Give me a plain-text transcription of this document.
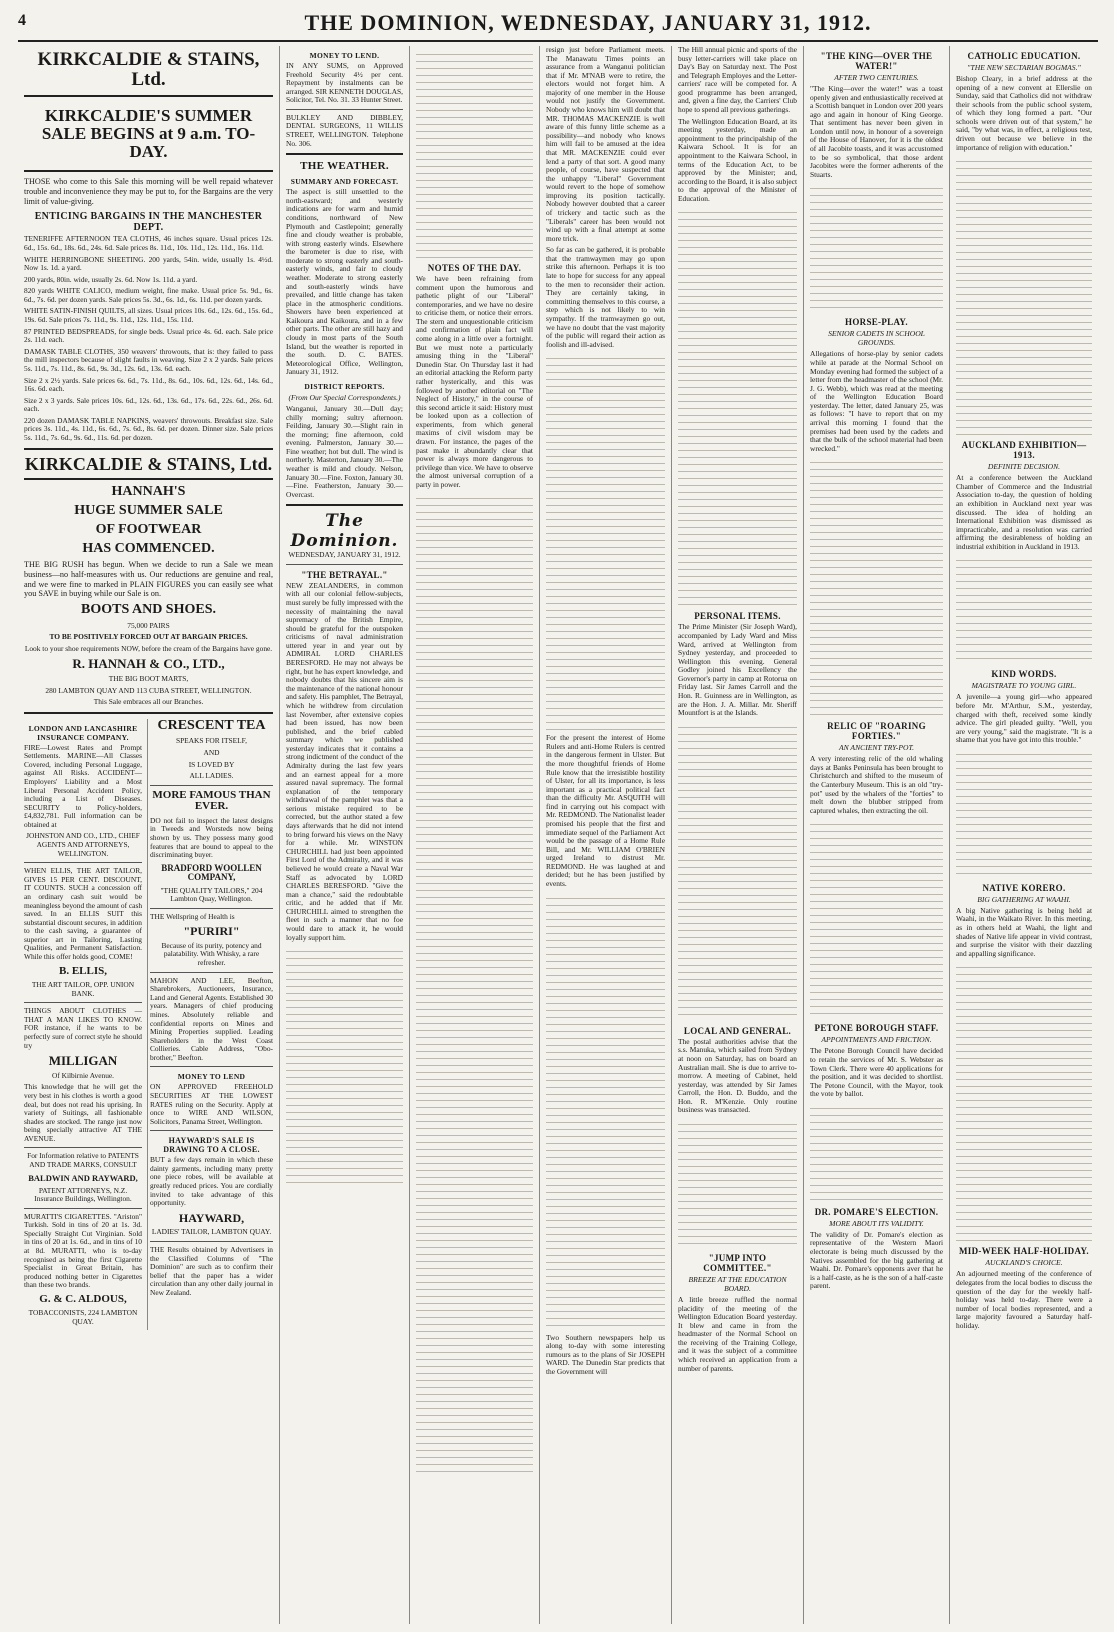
4	THE DOMINION, WEDNESDAY, JANUARY 31, 1912.
KIRKCALDIE & STAINS, Ltd.
KIRKCALDIE'S SUMMER SALE BEGINS at 9 a.m. TO-DAY.

THOSE who come to this Sale this morning will be well repaid whatever trouble and inconvenience they may be put to, for the Bargains are the very limit of value-giving.

ENTICING BARGAINS IN THE MANCHESTER DEPT.

TENERIFFE AFTERNOON TEA CLOTHS, 46 inches square. Usual prices 12s. 6d., 15s. 6d., 18s. 6d., 24s. 6d. Sale prices 8s. 11d., 10s. 11d., 12s. 11d., 16s. 11d.

WHITE HERRINGBONE SHEETING. 200 yards, 54in. wide, usually 1s. 4½d. Now 1s. 1d. a yard.

200 yards, 80in. wide, usually 2s. 6d. Now 1s. 11d. a yard.

820 yards WHITE CALICO, medium weight, fine make. Usual price 5s. 9d., 6s. 6d., 7s. 6d. per dozen yards. Sale prices 5s. 3d., 6s. 1d., 6s. 11d. per dozen yards.

WHITE SATIN-FINISH QUILTS, all sizes. Usual prices 10s. 6d., 12s. 6d., 15s. 6d., 19s. 6d. Sale prices 7s. 11d., 9s. 11d., 12s. 11d., 15s. 11d.

87 PRINTED BEDSPREADS, for single beds. Usual price 4s. 6d. each. Sale price 2s. 11d. each.

DAMASK TABLE CLOTHS, 350 weavers' throwouts, that is: they failed to pass the mill inspectors because of slight faults in weaving. Size 2 x 2 yards. Sale prices 5s. 11d., 7s. 11d., 8s. 6d., 9s. 3d., 12s. 6d., 13s. 6d. each.

Size 2 x 2½ yards. Sale prices 6s. 6d., 7s. 11d., 8s. 6d., 10s. 6d., 12s. 6d., 14s. 6d., 16s. 6d. each.

Size 2 x 3 yards. Sale prices 10s. 6d., 12s. 6d., 13s. 6d., 17s. 6d., 22s. 6d., 26s. 6d. each.

220 dozen DAMASK TABLE NAPKINS, weavers' throwouts. Breakfast size. Sale prices 3s. 11d., 4s. 11d., 6s. 6d., 7s. 6d., 8s. 6d. per dozen. Dinner size. Sale prices 5s. 11d., 7s. 6d., 9s. 6d., 11s. 6d. per dozen.

KIRKCALDIE & STAINS, Ltd.
HANNAH'S
HUGE SUMMER SALE
OF FOOTWEAR
HAS COMMENCED.

THE BIG RUSH has begun. When we decide to run a Sale we mean business—no half-measures with us. Our reductions are genuine and real, and we were fine to marked in PLAIN FIGURES you can easily see what you SAVE in buying while our Sale is on.

BOOTS AND SHOES.
75,000 PAIRS
TO BE POSITIVELY FORCED OUT AT BARGAIN PRICES.

Look to your shoe requirements NOW, before the cream of the Bargains have gone.

R. HANNAH & CO., LTD.,
THE BIG BOOT MARTS,
280 LAMBTON QUAY AND 113 CUBA STREET, WELLINGTON.
This Sale embraces all our Branches.
LONDON AND LANCASHIRE INSURANCE COMPANY.

FIRE—Lowest Rates and Prompt Settlements. MARINE—All Classes Covered, including Personal Luggage, against All Risks. ACCIDENT—Employers' Liability and a Most Liberal Personal Accident Policy, including a List of Diseases. SECURITY to Policy-holders, £4,832,781. Full information can be obtained at

JOHNSTON AND CO., LTD., CHIEF AGENTS AND ATTORNEYS, WELLINGTON.

WHEN ELLIS, THE ART TAILOR, GIVES 15 PER CENT. DISCOUNT, IT COUNTS. SUCH a concession off an ordinary cash suit would be meaningless beyond the amount of cash saved. In an ELLIS SUIT this substantial discount secures, in addition to the cash saving, a guarantee of superior art in Tailoring, Lasting Qualities, and Permanent Satisfaction. While this offer holds good, COME!

B. ELLIS,
THE ART TAILOR, OPP. UNION BANK.

THINGS ABOUT CLOTHES — THAT A MAN LIKES TO KNOW. FOR instance, if he wants to be perfectly sure of correct style he should try

MILLIGAN
Of Kilbirnie Avenue.

This knowledge that he will get the very best in his clothes is worth a good deal, but does not read his uprising. In variety of Suitings, all fashionable shades are stocked. The range just now being specially attractive AT THE AVENUE.

For Information relative to PATENTS AND TRADE MARKS, CONSULT

BALDWIN AND RAYWARD,
PATENT ATTORNEYS, N.Z. Insurance Buildings, Wellington.

MURATTI'S CIGARETTES. "Ariston" Turkish. Sold in tins of 20 at 1s. 3d. Specially Straight Cut Virginian. Sold in tins of 20 at 1s. 6d., and in tins of 10 at 8d. MURATTI, who is to-day recognised as being the first Cigarette Specialist in Great Britain, has produced nothing better in Cigarettes than these two brands.

G. & C. ALDOUS,
TOBACCONISTS, 224 LAMBTON QUAY.
CRESCENT TEA
SPEAKS FOR ITSELF,
AND
IS LOVED BY
ALL LADIES.
MORE FAMOUS THAN EVER.

DO not fail to inspect the latest designs in Tweeds and Worsteds now being shown by us. They possess many good features that are bound to appeal to the discriminating buyer.

BRADFORD WOOLLEN COMPANY,
"THE QUALITY TAILORS," 204 Lambton Quay, Wellington.

THE Wellspring of Health is

"PURIRI"

Because of its purity, potency and palatability. With Whisky, a rare refresher.

MAHON AND LEE, Beefton, Sharebrokers, Auctioneers, Insurance, Land and General Agents. Established 30 years. Managers of chief producing mines. Absolutely reliable and confidential reports on Mines and Mining Properties supplied. Leading Shareholders in the West Coast Collieries. Cable Address, "Obo-brother," Beefton.

MONEY TO LEND

ON APPROVED FREEHOLD SECURITIES AT THE LOWEST RATES ruling on the Security. Apply at once to WIRE AND WILSON, Solicitors, Panama Street, Wellington.

HAYWARD'S SALE IS DRAWING TO A CLOSE.

BUT a few days remain in which these dainty garments, including many pretty one piece robes, will be available at greatly reduced prices. You are cordially invited to take advantage of this opportunity.

HAYWARD,
LADIES' TAILOR, LAMBTON QUAY.

THE Results obtained by Advertisers in the Classified Columns of "The Dominion" are such as to confirm their belief that the paper has a wider circulation than any other daily journal in New Zealand.

MONEY TO LEND.

IN ANY SUMS, on Approved Freehold Security 4½ per cent. Repayment by instalments can be arranged. SIR KENNETH DOUGLAS, Solicitor, Tel. No. 31. 33 Hunter Street.

BULKLEY AND DIBBLEY, DENTAL SURGEONS, 11 WILLIS STREET, WELLINGTON. Telephone No. 306.

THE WEATHER.
SUMMARY AND FORECAST.

The aspect is still unsettled to the north-eastward; and westerly indications are for warm and humid conditions, northward of New Plymouth and Castlepoint; generally fine and cloudy weather is probable, with strong easterly winds. Elsewhere the barometer is due to rise, with moderate to strong easterly and south-easterly winds, and fair to cloudy weather. Moderate to strong easterly and south-easterly winds have prevailed, and little change has taken place in the atmospheric conditions. Showers have been experienced at Kaikoura and Kaikoura, and in a few other parts. The other are still hazy and cloudy in most parts of the South Island, but the weather is reported in the south. D. C. BATES. Meteorological Office, Wellington, January 31, 1912.

DISTRICT REPORTS.
(From Our Special Correspondents.)

Wanganui, January 30.—Dull day; chilly morning; sultry afternoon. Feilding, January 30.—Slight rain in the morning; fine afternoon, cold evening. Palmerston, January 30.—Fine weather; hot but dull. The wind is northerly. Masterton, January 30.—The weather is mild and cloudy. Nelson, January 30.—Fine. Foxton, January 30.—Fine. Featherston, January 30.—Overcast.

The Dominion.
WEDNESDAY, JANUARY 31, 1912.
"THE BETRAYAL."

NEW ZEALANDERS, in common with all our colonial fellow-subjects, must surely be fully impressed with the necessity of maintaining the naval supremacy of the British Empire, should be grateful for the outspoken criticisms of naval administration uttered year in and year out by ADMIRAL LORD CHARLES BERESFORD. He may not always be right, but he has expert knowledge, and nobody doubts that his sincere aim is the maintenance of the national honour and safety. His pamphlet, The Betrayal, which he withdrew from circulation last November, after extensive copies had been issued, has now been published, and the brief cabled summary which we published yesterday indicates that it contains a strong indictment of the conduct of the Admiralty during the last few years and an earnest appeal for a more assured naval supremacy. The formal explanation of the temporary withdrawal of the pamphlet was that a serious mistake required to be corrected, but the author stated a few days afterwards that he did not intend to bring forward his views on the Navy for a while. Mr. WINSTON CHURCHILL had just been appointed First Lord of the Admiralty, and it was believed he would create a Naval War Staff as advocated by LORD CHARLES BERESFORD. "Give the man a chance," said the redoubtable critic, and he added that if Mr. CHURCHILL aimed to strengthen the fleet in such a manner that no foe would dare to attack it, he would loyally support him.

NOTES OF THE DAY.

We have been refraining from comment upon the humorous and pathetic plight of our "Liberal" contemporaries, and we have no desire to criticise them, or notice their errors. The stern and unquestionable criticism and confirmation of plain fact will come along in a little over a fortnight. But we must note a particularly amusing thing in the "Liberal" Dunedin Star. On Thursday last it had an editorial attacking the Reform party rather hysterically, and this was followed by another editorial on "The Neglect of History," in the course of this second article it said: History must be looked upon as a collection of experiments, from which general maxims of civil wisdom may be drawn. For instance, the pages of the past make it abundantly clear that power is always more dangerous to privilege than vice. We have to observe the almost universal corruption of a party in power.

resign just before Parliament meets. The Manawatu Times points an assurance from a Wanganui politician that if Mr. M'NAB were to retire, the electors would not forget him. A majority of one member in the House would not justify the Government. Nobody who knows him will doubt that MR. THOMAS MACKENZIE is well aware of this funny little scheme as a possibility—and nobody who knows him will fail to be amused at the idea that MR. MACKENZIE could ever lend a party of that sort. A good many people, of course, have suspected that the unhappy "Liberal" Government would revert to the hope of somehow improving its position tactically. Nobody however doubted that a career of trickery and tactic such as the "Liberals" career has been would not wind up with a final attempt at some more trick.

So far as can be gathered, it is probable that the tramwaymen may go upon strike this afternoon. Perhaps it is too late to hope for success for any appeal to the men to reconsider their action. They are certainly taking, in committing themselves to this course, a step which is not likely to win sympathy. If the tramwaymen go out, we have no doubt that the vast majority of the public will regard their action as foolish and ill-advised.

For the present the interest of Home Rulers and anti-Home Rulers is centred in the dangerous ferment in Ulster. But the more thoughtful friends of Home Rule know that the irresistible hostility of Ulster, for all its importance, is less important as a practical political fact than the difficulty Mr. ASQUITH will find in carrying out his compact with Mr. REDMOND. The Nationalist leader promised his people that the first and immediate sequel of the Parliament Act would be the passage of a Home Rule Bill, and Mr. WILLIAM O'BRIEN urged Ireland to distrust Mr. REDMOND. He was laughed at and derided; but he has been justified by events.

Two Southern newspapers help us along to-day with some interesting rumours as to the plans of Sir JOSEPH WARD. The Dunedin Star predicts that the Government will

The Hill annual picnic and sports of the busy letter-carriers will take place on Day's Bay on Saturday next. The Post and Telegraph Employes and the Letter-carriers' race will be competed for. A good programme has been arranged, and, given a fine day, the Carriers' Club hope to spend all previous gatherings.

The Wellington Education Board, at its meeting yesterday, made an appointment to the principalship of the Kaiwara School. It is for an appointment to the Kaiwara School, in terms of the Education Act, to be approved by the Minister; and, according to the Board, it is also subject to the approval of the Minister of Education.

PERSONAL ITEMS.

The Prime Minister (Sir Joseph Ward), accompanied by Lady Ward and Miss Ward, arrived at Wellington from Sydney yesterday, and proceeded to Wellington this evening. General Godley joined his Excellency the Governor's party in camp at Rotorua on Friday last. Sir James Carroll and the Hon. R. Guinness are in Wellington, as are the Hon. J. A. Millar. Mr. Sheriff Mountfort is at the Islands.

LOCAL AND GENERAL.

The postal authorities advise that the s.s. Manuka, which sailed from Sydney at noon on Saturday, has on board an Australian mail. She is due to arrive to-morrow. A meeting of Cabinet, held yesterday, was attended by Sir James Carroll, the Hon. D. Buddo, and the Hon. R. M'Kenzie. Only routine business was transacted.

"JUMP INTO COMMITTEE."
BREEZE AT THE EDUCATION BOARD.

A little breeze ruffled the normal placidity of the meeting of the Wellington Education Board yesterday. It blew and came in from the headmaster of the Normal School on the receiving of the Training College, and it was the subject of a committee which received an application from a number of parents.

"THE KING—OVER THE WATER!"
AFTER TWO CENTURIES.

"The King—over the water!" was a toast openly given and enthusiastically received at a Scottish banquet in London over 200 years ago and again in honour of King George. That sentiment has never been given in London until now, in honour of a sovereign of the House of Hanover, for it is the oldest of all Jacobite toasts, and it was accustomed to be so symbolical, that those ardent Jacobites were the former adherents of the Stuarts.

HORSE-PLAY.
SENIOR CADETS IN SCHOOL GROUNDS.

Allegations of horse-play by senior cadets while at parade at the Normal School on Monday evening had formed the subject of a letter from the headmaster of the school (Mr. J. G. Webb), which was read at the meeting of the Wellington Education Board yesterday. The letter, dated January 25, was as follows: "I have to report that on my arrival this morning I found that the premises had been used by the cadets and that the bulk of the school material had been wrecked."

RELIC OF "ROARING FORTIES."
AN ANCIENT TRY-POT.

A very interesting relic of the old whaling days at Banks Peninsula has been brought to Christchurch and shifted to the museum of the Canterbury Museum. This is an old "try-pot" used by the whalers of the "forties" to melt down the blubber stripped from captured whales, then extracting the oil.

PETONE BOROUGH STAFF.
APPOINTMENTS AND FRICTION.

The Petone Borough Council have decided to retain the services of Mr. S. Webster as Town Clerk. There were 40 applications for the position, and it was decided to shortlist. The Petone Council, with the Mayor, took the vote by ballot.

DR. POMARE'S ELECTION.
MORE ABOUT ITS VALIDITY.

The validity of Dr. Pomare's election as representative of the Western Maori electorate is being much discussed by the Natives assembled for the big gathering at Waahi. Dr. Pomare's opponents aver that he is a half-caste, as he is the son of a half-caste parent.

CATHOLIC EDUCATION.
"THE NEW SECTARIAN BOGMAS."

Bishop Cleary, in a brief address at the opening of a new convent at Ellerslie on Sunday, said that Catholics did not withdraw their schools from the public school system, of which they long formed a part. "Our schools were driven out of that system," he said, "by what was, in effect, a religious test, driven out because we believe in the importance of religion with education."

AUCKLAND EXHIBITION—1913.
DEFINITE DECISION.

At a conference between the Auckland Chamber of Commerce and the Industrial Association to-day, the question of holding an exhibition in Auckland next year was discussed. The idea of holding an International Exhibition was dismissed as impracticable, and a resolution was carried affirming the desirableness of holding an industrial exhibition in Auckland in 1913.

KIND WORDS.
MAGISTRATE TO YOUNG GIRL.

A juvenile—a young girl—who appeared before Mr. M'Arthur, S.M., yesterday, charged with theft, received some kindly advice. The girl pleaded guilty. "Well, you are very young," said the magistrate. "It is a shame that you have got into this trouble."

NATIVE KORERO.
BIG GATHERING AT WAAHI.

A big Native gathering is being held at Waahi, in the Waikato River. In this meeting, as in others held at Waahi, the light and shades of Native life appear in vivid contrast, and surprise the visitor with their dazzling and appalling significance.

MID-WEEK HALF-HOLIDAY.
AUCKLAND'S CHOICE.

An adjourned meeting of the conference of delegates from the local bodies to discuss the question of the day for the weekly half-holiday was held to-day. There were a number of local bodies represented, and a large majority favoured a Saturday half-holiday.
